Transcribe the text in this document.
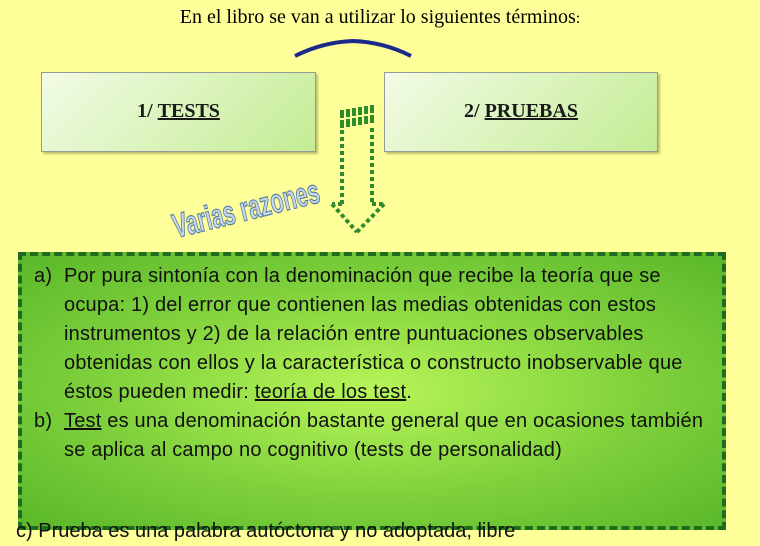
En el libro se van a utilizar lo siguientes términos:
1/
TESTS	2/
PRUEBAS
Varias razones
a) Por pura sintonía con la denominación que recibe la teoría que se ocupa: 1) del error que contienen las medias obtenidas con estos instrumentos y 2) de la relación entre puntuaciones observables obtenidas con ellos y la característica o constructo inobservable que éstos pueden medir: teoría de los test.
b) Test es una denominación bastante general que en ocasiones también se aplica al campo no cognitivo (tests de personalidad)
c) Prueba es una palabra autóctona y no adoptada, libre
